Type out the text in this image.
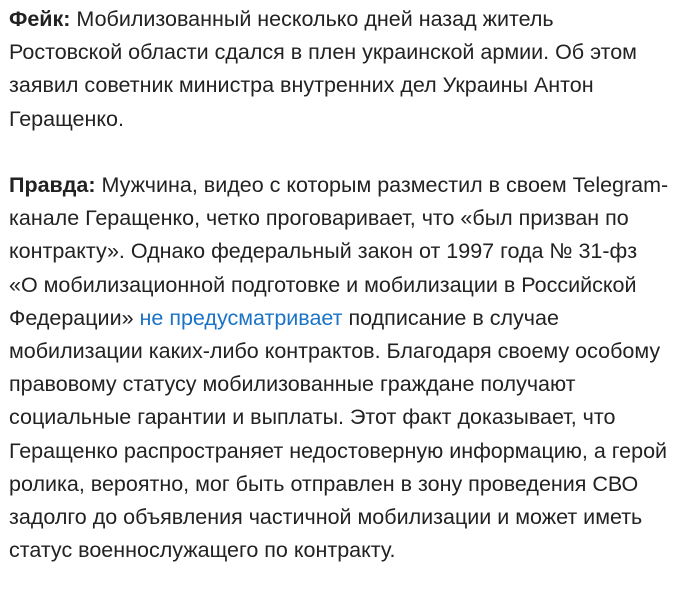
Фейк: Мобилизованный несколько дней назад житель Ростовской области сдался в плен украинской армии. Об этом заявил советник министра внутренних дел Украины Антон Геращенко.

Правда: Мужчина, видео с которым разместил в своем Telegram-канале Геращенко, четко проговаривает, что «был призван по контракту». Однако федеральный закон от 1997 года № 31-фз «О мобилизационной подготовке и мобилизации в Российской Федерации» не предусматривает подписание в случае мобилизации каких-либо контрактов. Благодаря своему особому правовому статусу мобилизованные граждане получают социальные гарантии и выплаты. Этот факт доказывает, что Геращенко распространяет недостоверную информацию, а герой ролика, вероятно, мог быть отправлен в зону проведения СВО задолго до объявления частичной мобилизации и может иметь статус военнослужащего по контракту.
